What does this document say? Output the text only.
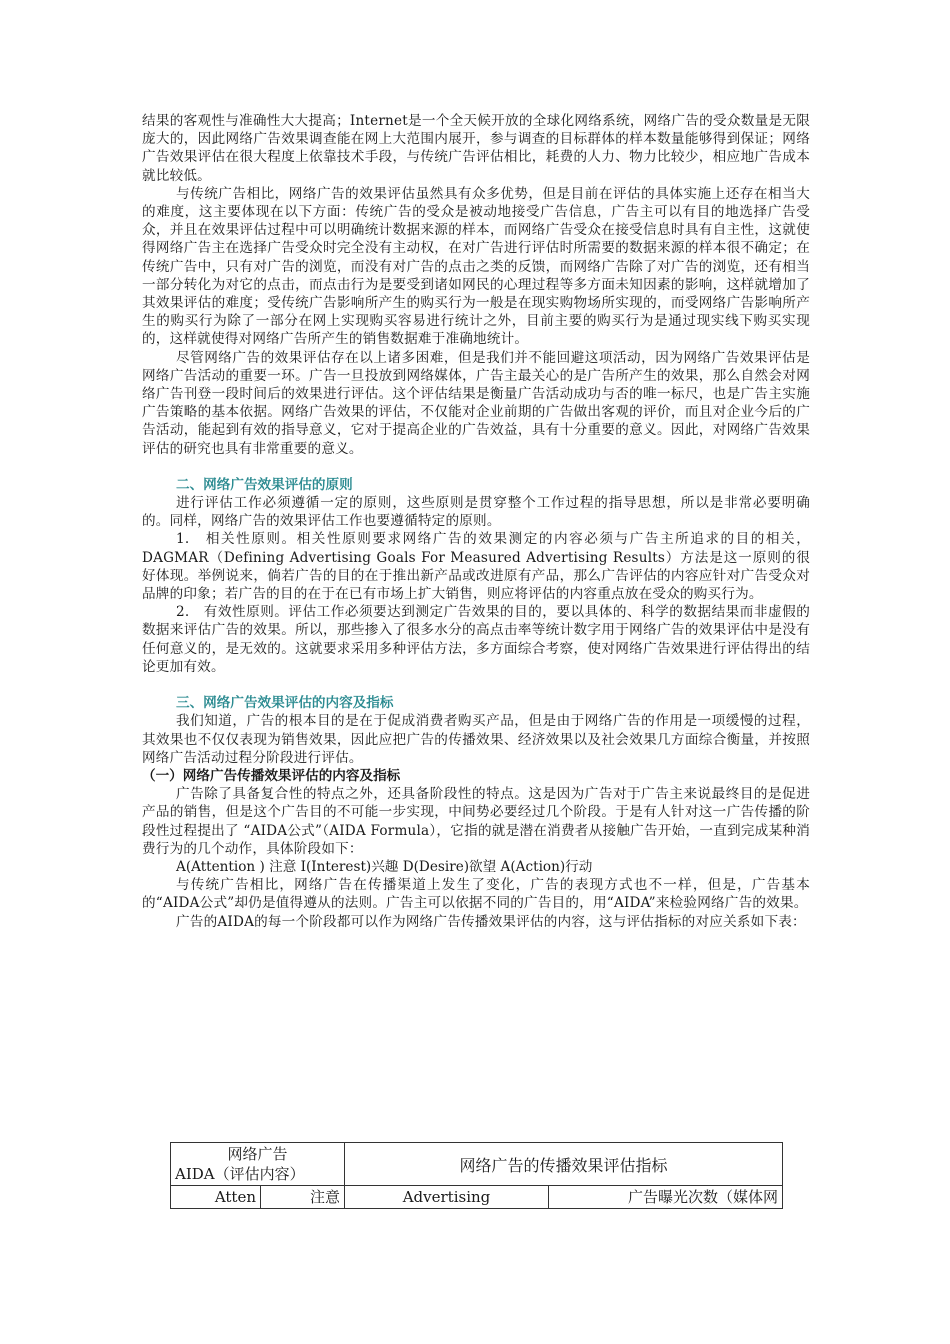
结果的客观性与准确性大大提高；Internet是一个全天候开放的全球化网络系统，网络广告的受众数量是无限庞大的，因此网络广告效果调查能在网上大范围内展开，参与调查的目标群体的样本数量能够得到保证；网络广告效果评估在很大程度上依靠技术手段，与传统广告评估相比，耗费的人力、物力比较少，相应地广告成本就比较低。

与传统广告相比，网络广告的效果评估虽然具有众多优势，但是目前在评估的具体实施上还存在相当大的难度，这主要体现在以下方面：传统广告的受众是被动地接受广告信息，广告主可以有目的地选择广告受众，并且在效果评估过程中可以明确统计数据来源的样本，而网络广告受众在接受信息时具有自主性，这就使得网络广告主在选择广告受众时完全没有主动权，在对广告进行评估时所需要的数据来源的样本很不确定；在传统广告中，只有对广告的浏览，而没有对广告的点击之类的反馈，而网络广告除了对广告的浏览，还有相当一部分转化为对它的点击，而点击行为是要受到诸如网民的心理过程等多方面未知因素的影响，这样就增加了其效果评估的难度；受传统广告影响所产生的购买行为一般是在现实购物场所实现的，而受网络广告影响所产生的购买行为除了一部分在网上实现购买容易进行统计之外，目前主要的购买行为是通过现实线下购买实现的，这样就使得对网络广告所产生的销售数据难于准确地统计。

尽管网络广告的效果评估存在以上诸多困难，但是我们并不能回避这项活动，因为网络广告效果评估是网络广告活动的重要一环。广告一旦投放到网络媒体，广告主最关心的是广告所产生的效果，那么自然会对网络广告刊登一段时间后的效果进行评估。这个评估结果是衡量广告活动成功与否的唯一标尺，也是广告主实施广告策略的基本依据。网络广告效果的评估，不仅能对企业前期的广告做出客观的评价，而且对企业今后的广告活动，能起到有效的指导意义，它对于提高企业的广告效益，具有十分重要的意义。因此，对网络广告效果评估的研究也具有非常重要的意义。

二、网络广告效果评估的原则

进行评估工作必须遵循一定的原则，这些原则是贯穿整个工作过程的指导思想，所以是非常必要明确的。同样，网络广告的效果评估工作也要遵循特定的原则。

1.　相关性原则。相关性原则要求网络广告的效果测定的内容必须与广告主所追求的目的相关，DAGMAR（Defining Advertising Goals For Measured Advertising Results）方法是这一原则的很好体现。举例说来，倘若广告的目的在于推出新产品或改进原有产品，那么广告评估的内容应针对广告受众对品牌的印象；若广告的目的在于在已有市场上扩大销售，则应将评估的内容重点放在受众的购买行为。

2.　有效性原则。评估工作必须要达到测定广告效果的目的，要以具体的、科学的数据结果而非虚假的数据来评估广告的效果。所以，那些掺入了很多水分的高点击率等统计数字用于网络广告的效果评估中是没有任何意义的，是无效的。这就要求采用多种评估方法，多方面综合考察，使对网络广告效果进行评估得出的结论更加有效。

三、网络广告效果评估的内容及指标

我们知道，广告的根本目的是在于促成消费者购买产品，但是由于网络广告的作用是一项缓慢的过程，其效果也不仅仅表现为销售效果，因此应把广告的传播效果、经济效果以及社会效果几方面综合衡量，并按照网络广告活动过程分阶段进行评估。

（一）网络广告传播效果评估的内容及指标

广告除了具备复合性的特点之外，还具备阶段性的特点。这是因为广告对于广告主来说最终目的是促进产品的销售，但是这个广告目的不可能一步实现，中间势必要经过几个阶段。于是有人针对这一广告传播的阶段性过程提出了 “AIDA公式”（AIDA Formula），它指的就是潜在消费者从接触广告开始，一直到完成某种消费行为的几个动作，具体阶段如下：

A(Attention ) 注意 I(Interest)兴趣 D(Desire)欲望 A(Action)行动

与传统广告相比，网络广告在传播渠道上发生了变化，广告的表现方式也不一样，但是，广告基本的“AIDA公式”却仍是值得遵从的法则。广告主可以依据不同的广告目的，用“AIDA”来检验网络广告的效果。

广告的AIDA的每一个阶段都可以作为网络广告传播效果评估的内容，这与评估指标的对应关系如下表：

网络广告
AIDA（评估内容）		网络广告的传播效果评估指标	
Atten	注意	Advertising	广告曝光次数（媒体网
